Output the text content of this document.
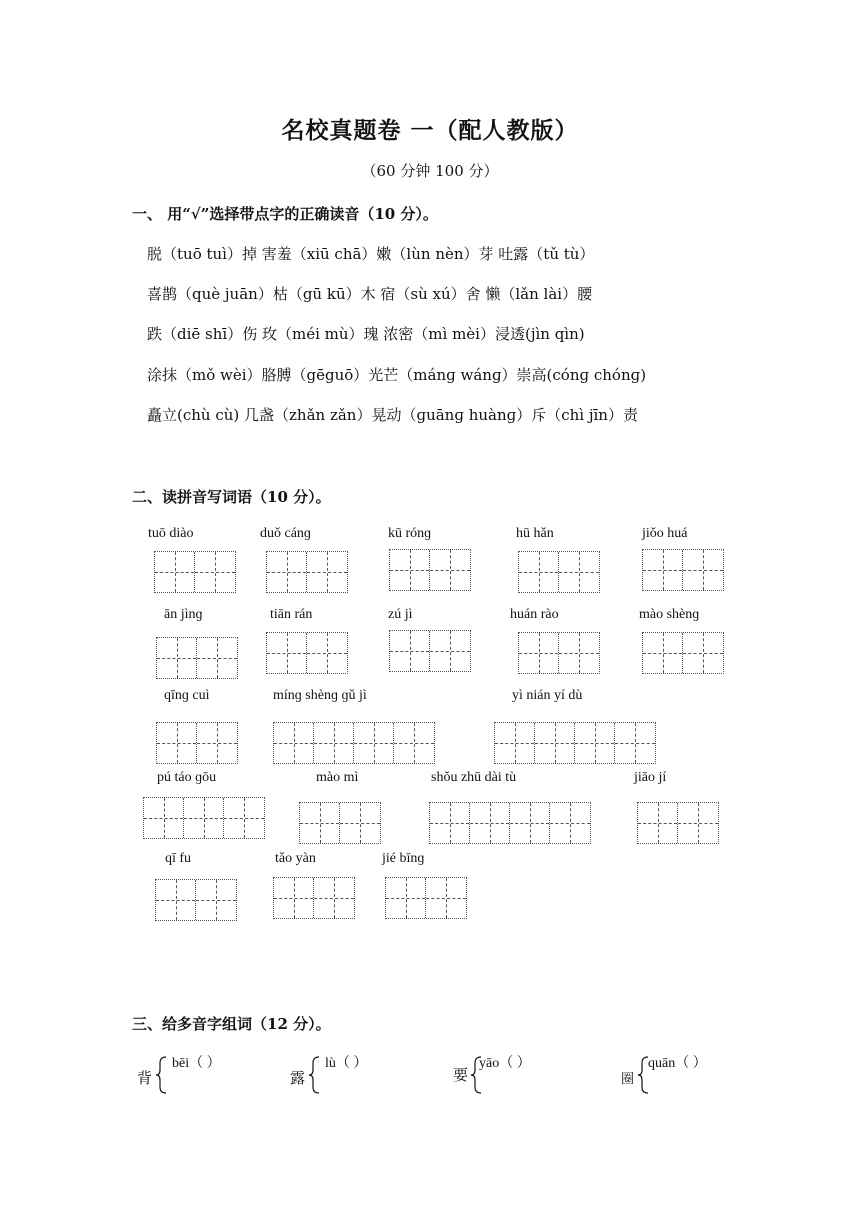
名校真题卷 一（配人教版）
（60 分钟 100 分）
一、 用“√”选择带点字的正确读音（10 分）。
脱（tuō tuì）掉 害羞（xiū chā）嫩（lùn nèn）芽 吐露（tǔ tù）
喜鹊（què juān）枯（gū kū）木 宿（sù xú）舍 懒（lǎn lài）腰
跌（diē shī）伤 玫（méi mù）瑰 浓密（mì mèi）浸透(jìn qìn)
涂抹（mǒ wèi）胳膊（gēguō）光芒（mánɡ wánɡ）崇高(cónɡ chónɡ)
矗立(chù cù) 几盏（zhǎn zǎn）晃动（ɡuānɡ huànɡ）斥（chì jīn）责
二、读拼音写词语（10 分）。
tuō diào	duǒ cánɡ	kū rónɡ	hū hǎn	jiǒo huá
ān jìnɡ	tiān rán	zú jì	huán rào	mào shènɡ
qīnɡ cuì	mínɡ shènɡ ɡǔ jì	yì nián yí dù
pú táo ɡōu	mào mì	shǒu zhū dài tù	jiāo jí
qī fu	tǎo yàn	jié bīnɡ
三、给多音字组词（12 分）。
背
bēi（ ）
露
lù（ ）
要
yāo（ ）
圈
quān（ ）
